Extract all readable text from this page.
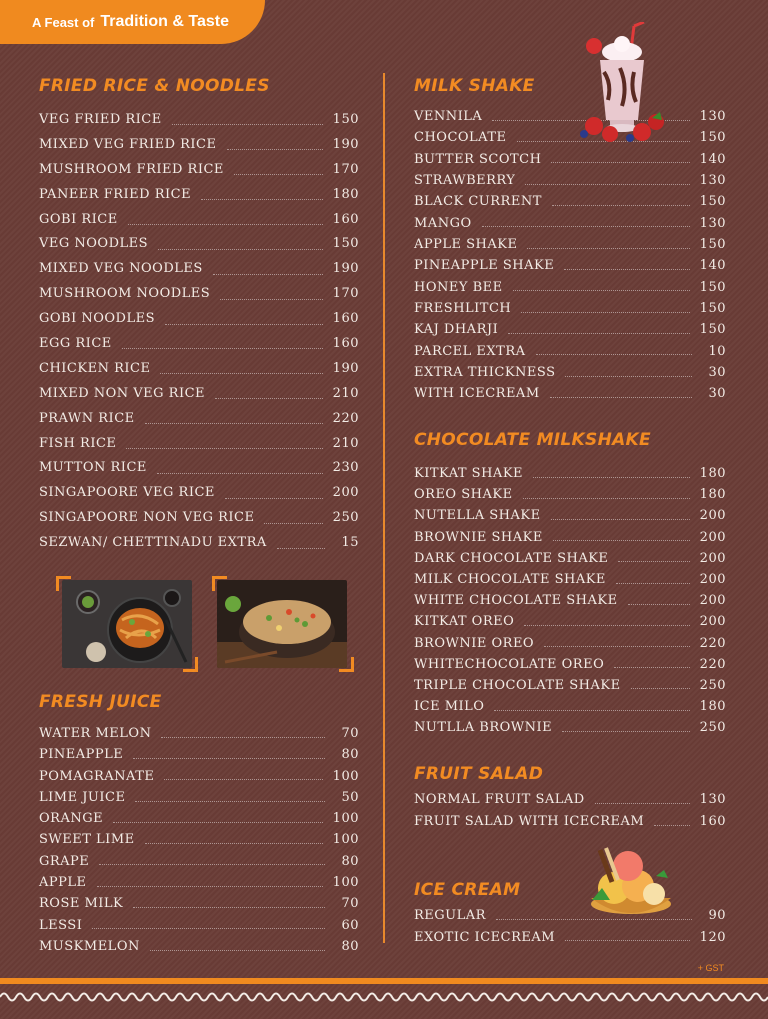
A Feast of Tradition & Taste
FRIED RICE & NOODLES
VEG FRIED RICE	150
MIXED VEG FRIED RICE	190
MUSHROOM FRIED RICE	170
PANEER FRIED RICE	180
GOBI RICE	160
VEG NOODLES	150
MIXED VEG NOODLES	190
MUSHROOM NOODLES	170
GOBI NOODLES	160
EGG RICE	160
CHICKEN RICE	190
MIXED NON VEG RICE	210
PRAWN RICE	220
FISH RICE	210
MUTTON RICE	230
SINGAPOORE VEG RICE	200
SINGAPOORE NON VEG RICE	250
SEZWAN/ CHETTINADU EXTRA	15
FRESH JUICE
WATER MELON	70
PINEAPPLE	80
POMAGRANATE	100
LIME JUICE	50
ORANGE	100
SWEET LIME	100
GRAPE	80
APPLE	100
ROSE MILK	70
LESSI	60
MUSKMELON	80
MILK SHAKE
VENNILA	130
CHOCOLATE	150
BUTTER SCOTCH	140
STRAWBERRY	130
BLACK CURRENT	150
MANGO	130
APPLE SHAKE	150
PINEAPPLE SHAKE	140
HONEY BEE	150
FRESHLITCH	150
KAJ DHARJI	150
PARCEL EXTRA	10
EXTRA THICKNESS	30
WITH ICECREAM	30
CHOCOLATE MILKSHAKE
KITKAT SHAKE	180
OREO SHAKE	180
NUTELLA SHAKE	200
BROWNIE SHAKE	200
DARK CHOCOLATE SHAKE	200
MILK CHOCOLATE SHAKE	200
WHITE CHOCOLATE SHAKE	200
KITKAT OREO	200
BROWNIE OREO	220
WHITECHOCOLATE OREO	220
TRIPLE CHOCOLATE SHAKE	250
ICE MILO	180
NUTLLA BROWNIE	250
FRUIT SALAD
NORMAL FRUIT SALAD	130
FRUIT SALAD WITH ICECREAM	160
ICE CREAM
REGULAR	90
EXOTIC ICECREAM	120
+ GST
